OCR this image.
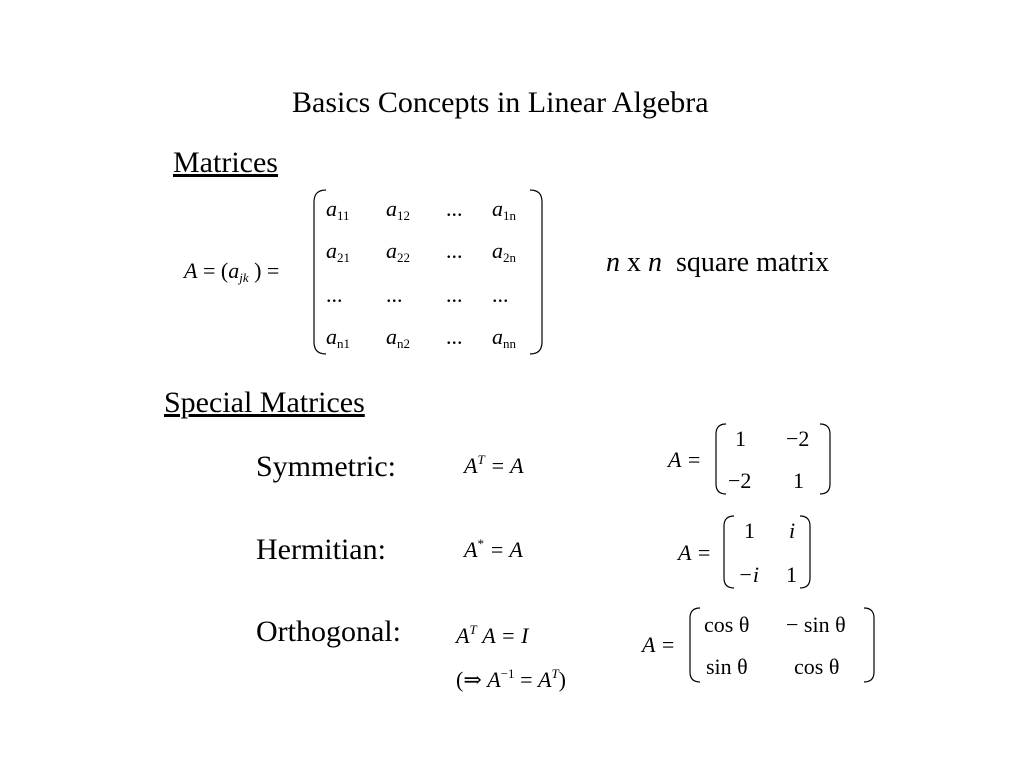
Basics Concepts in Linear Algebra
Matrices
$A = (a_{jk}$ ) =
$a_{11}$ $a_{12}$ ... $a_{1n}$
$a_{21}$ $a_{22}$ ... $a_{2n}$
... ... ... ...
$a_{n1}$ $a_{n2}$ ... $a_{nn}$
n x n square matrix
Special Matrices
Symmetric:	$A^T = A$	A =
1 −2
−2 1
Hermitian:	A* = A	A =
1 i
−i 1
Orthogonal:	$A^T$ A = I
(⇒ $A^{-1} = A^T$)
A =
cos θ − sin θ
sin θ cos θ
